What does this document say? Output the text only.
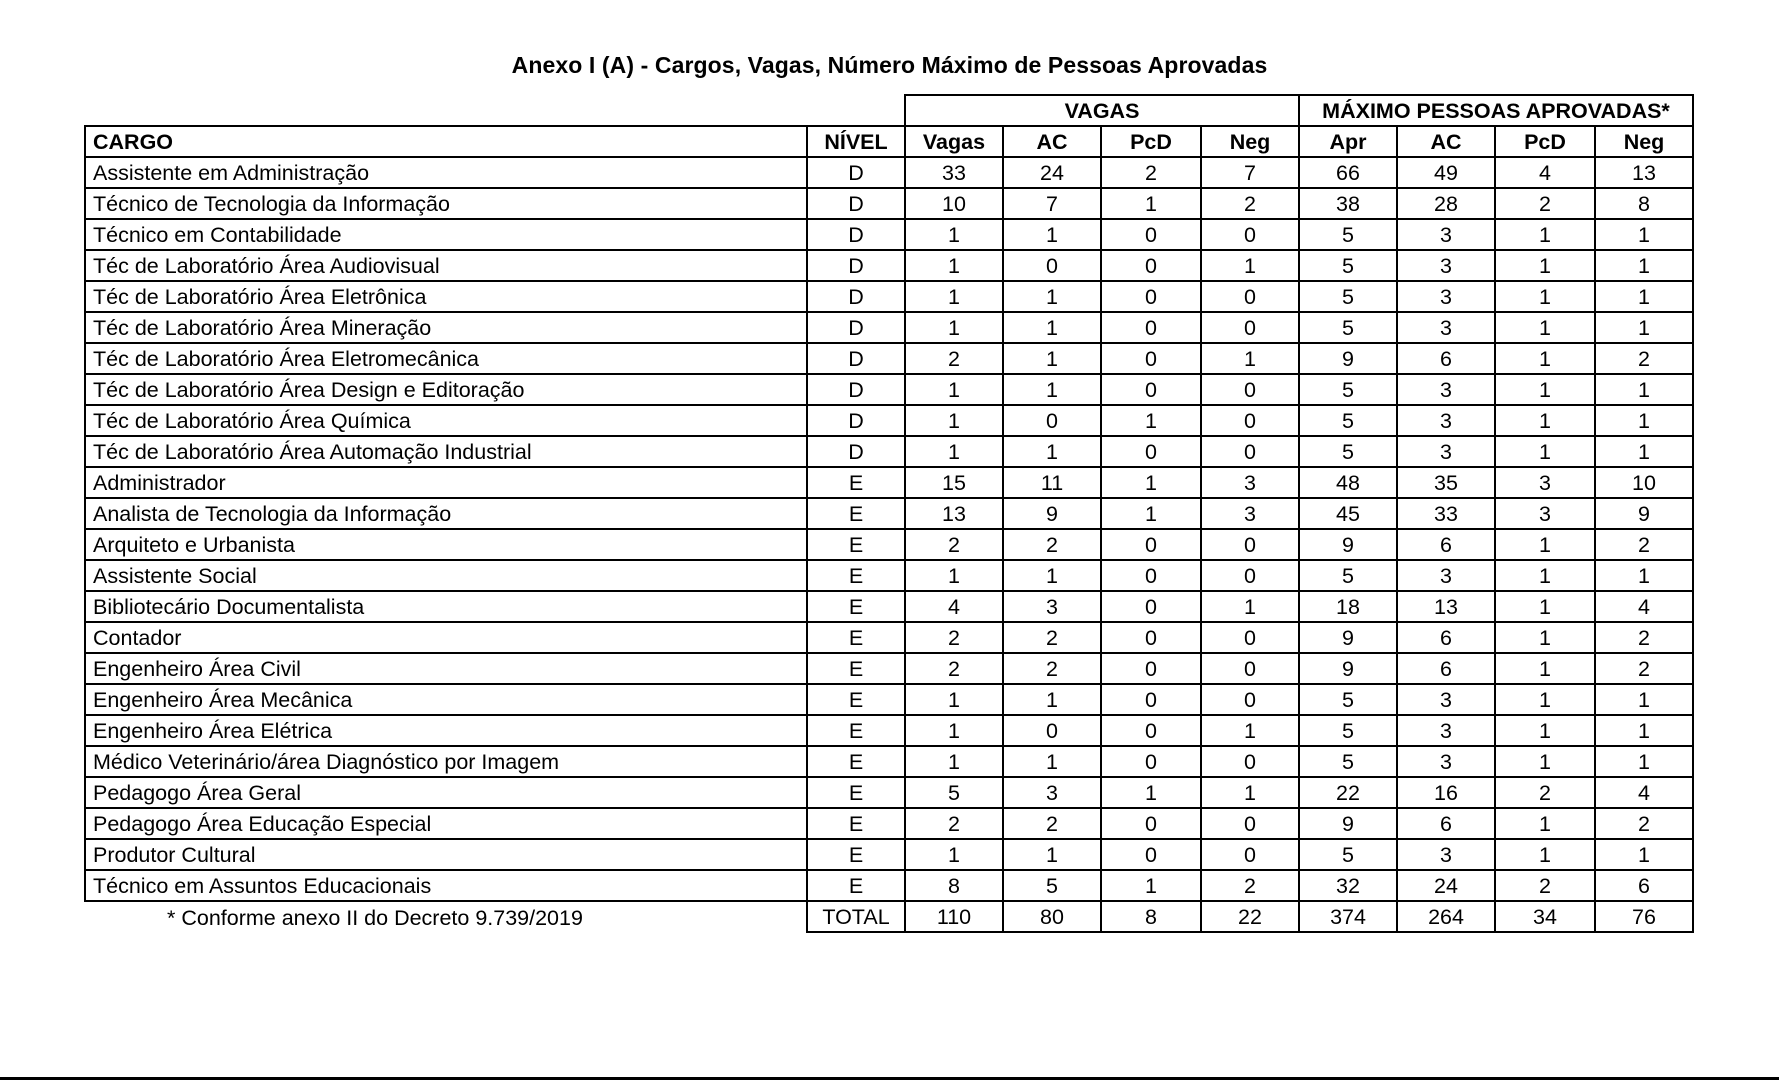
Anexo I (A) - Cargos, Vagas, Número Máximo de Pessoas Aprovadas
		VAGAS				MÁXIMO PESSOAS APROVADAS*			
CARGO	NÍVEL	Vagas	AC	PcD	Neg	Apr	AC	PcD	Neg
Assistente em Administração	D	33	24	2	7	66	49	4	13
Técnico de Tecnologia da Informação	D	10	7	1	2	38	28	2	8
Técnico em Contabilidade	D	1	1	0	0	5	3	1	1
Téc de Laboratório Área Audiovisual	D	1	0	0	1	5	3	1	1
Téc de Laboratório Área Eletrônica	D	1	1	0	0	5	3	1	1
Téc de Laboratório Área Mineração	D	1	1	0	0	5	3	1	1
Téc de Laboratório Área Eletromecânica	D	2	1	0	1	9	6	1	2
Téc de Laboratório Área Design e Editoração	D	1	1	0	0	5	3	1	1
Téc de Laboratório Área Química	D	1	0	1	0	5	3	1	1
Téc de Laboratório Área Automação Industrial	D	1	1	0	0	5	3	1	1
Administrador	E	15	11	1	3	48	35	3	10
Analista de Tecnologia da Informação	E	13	9	1	3	45	33	3	9
Arquiteto e Urbanista	E	2	2	0	0	9	6	1	2
Assistente Social	E	1	1	0	0	5	3	1	1
Bibliotecário Documentalista	E	4	3	0	1	18	13	1	4
Contador	E	2	2	0	0	9	6	1	2
Engenheiro Área Civil	E	2	2	0	0	9	6	1	2
Engenheiro Área Mecânica	E	1	1	0	0	5	3	1	1
Engenheiro Área Elétrica	E	1	0	0	1	5	3	1	1
Médico Veterinário/área Diagnóstico por Imagem	E	1	1	0	0	5	3	1	1
Pedagogo Área Geral	E	5	3	1	1	22	16	2	4
Pedagogo Área Educação Especial	E	2	2	0	0	9	6	1	2
Produtor Cultural	E	1	1	0	0	5	3	1	1
Técnico em Assuntos Educacionais	E	8	5	1	2	32	24	2	6
* Conforme anexo II do Decreto 9.739/2019	TOTAL	110	80	8	22	374	264	34	76
